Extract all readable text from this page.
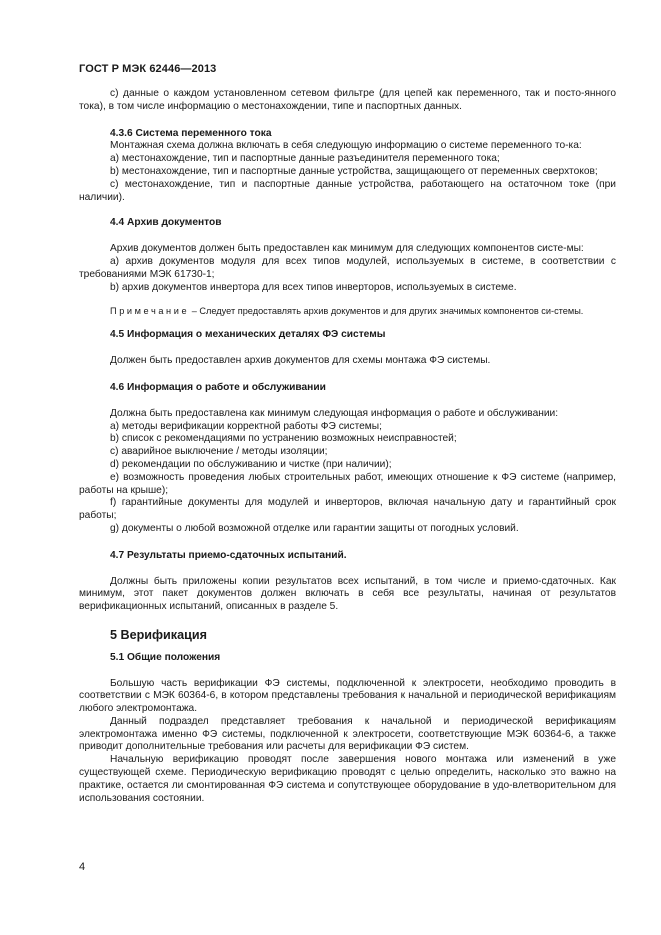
ГОСТ Р МЭК 62446—2013

с) данные о каждом установленном сетевом фильтре (для цепей как переменного, так и посто-янного тока), в том числе информацию о местонахождении, типе и паспортных данных.

4.3.6 Система переменного тока

Монтажная схема должна включать в себя следующую информацию о системе переменного то-ка:

а) местонахождение, тип и паспортные данные разъединителя переменного тока;

b) местонахождение, тип и паспортные данные устройства, защищающего от переменных сверхтоков;

с) местонахождение, тип и паспортные данные устройства, работающего на остаточном токе (при наличии).

4.4 Архив документов

Архив документов должен быть предоставлен как минимум для следующих компонентов систе-мы:

а) архив документов модуля для всех типов модулей, используемых в системе, в соответствии с требованиями МЭК 61730-1;

b) архив документов инвертора для всех типов инверторов, используемых в системе.

Примечание – Следует предоставлять архив документов и для других значимых компонентов си-стемы.

4.5 Информация о механических деталях ФЭ системы

Должен быть предоставлен архив документов для схемы монтажа ФЭ системы.

4.6 Информация о работе и обслуживании

Должна быть предоставлена как минимум следующая информация о работе и обслуживании:

а) методы верификации корректной работы ФЭ системы;

b) список с рекомендациями по устранению возможных неисправностей;

с) аварийное выключение / методы изоляции;

d) рекомендации по обслуживанию и чистке (при наличии);

е) возможность проведения любых строительных работ, имеющих отношение к ФЭ системе (например, работы на крыше);

f) гарантийные документы для модулей и инверторов, включая начальную дату и гарантийный срок работы;

g) документы о любой возможной отделке или гарантии защиты от погодных условий.

4.7 Результаты приемо-сдаточных испытаний.

Должны быть приложены копии результатов всех испытаний, в том числе и приемо-сдаточных. Как минимум, этот пакет документов должен включать в себя все результаты, начиная от результатов верификационных испытаний, описанных в разделе 5.

5 Верификация

5.1 Общие положения

Большую часть верификации ФЭ системы, подключенной к электросети, необходимо проводить в соответствии с МЭК 60364-6, в котором представлены требования к начальной и периодической верификациям любого электромонтажа.

Данный подраздел представляет требования к начальной и периодической верификациям электромонтажа именно ФЭ системы, подключенной к электросети, соответствующие МЭК 60364-6, а также приводит дополнительные требования или расчеты для верификации ФЭ систем.

Начальную верификацию проводят после завершения нового монтажа или изменений в уже существующей схеме. Периодическую верификацию проводят с целью определить, насколько это важно на практике, остается ли смонтированная ФЭ система и сопутствующее оборудование в удо-влетворительном для использования состоянии.

4
